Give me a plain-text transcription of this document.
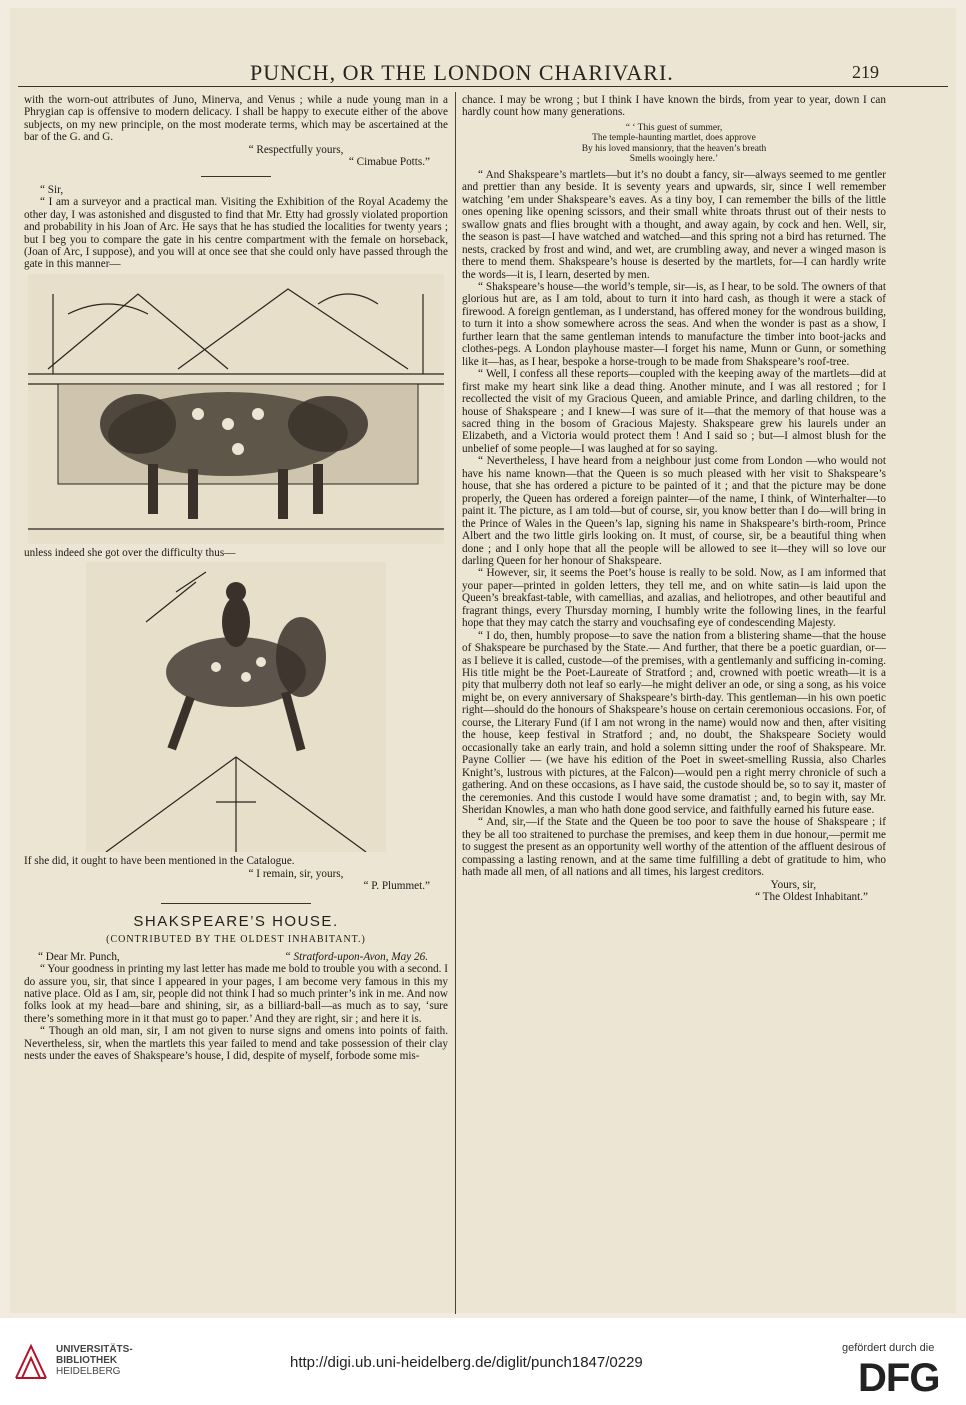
PUNCH, OR THE LONDON CHARIVARI.	219

with the worn-out attributes of Juno, Minerva, and Venus ; while a nude young man in a Phrygian cap is offensive to modern delicacy. I shall be happy to execute either of the above subjects, on my new principle, on the most moderate terms, which may be ascertained at the bar of the G. and G.

“ Respectfully yours,

“ Cimabue Potts.”

“ Sir,

“ I am a surveyor and a practical man. Visiting the Exhibition of the Royal Academy the other day, I was astonished and disgusted to find that Mr. Etty had grossly violated proportion and probability in his Joan of Arc. He says that he has studied the localities for twenty years ; but I beg you to compare the gate in his centre compartment with the female on horseback, (Joan of Arc, I suppose), and you will at once see that she could only have passed through the gate in this manner—

unless indeed she got over the difficulty thus—

If she did, it ought to have been mentioned in the Catalogue.

“ I remain, sir, yours,

“ P. Plummet.”

SHAKSPEARE’S HOUSE.
(CONTRIBUTED BY THE OLDEST INHABITANT.)
“ Dear Mr. Punch,	“ Stratford-upon-Avon, May 26.

“ Your goodness in printing my last letter has made me bold to trouble you with a second. I do assure you, sir, that since I appeared in your pages, I am become very famous in this my native place. Old as I am, sir, people did not think I had so much printer’s ink in me. And now folks look at my head—bare and shining, sir, as a billiard-ball—as much as to say, ‘sure there’s something more in it that must go to paper.’ And they are right, sir ; and here it is.

“ Though an old man, sir, I am not given to nurse signs and omens into points of faith. Nevertheless, sir, when the martlets this year failed to mend and take possession of their clay nests under the eaves of Shakspeare’s house, I did, despite of myself, forbode some mis-

chance. I may be wrong ; but I think I have known the birds, from year to year, down I can hardly count how many generations.

“ ‘ This guest of summer,
The temple-haunting martlet, does approve
By his loved mansionry, that the heaven’s breath
Smells wooingly here.’

“ And Shakspeare’s martlets—but it’s no doubt a fancy, sir—always seemed to me gentler and prettier than any beside. It is seventy years and upwards, sir, since I well remember watching ’em under Shakspeare’s eaves. As a tiny boy, I can remember the bills of the little ones opening like opening scissors, and their small white throats thrust out of their nests to swallow gnats and flies brought with a thought, and away again, by cock and hen. Well, sir, the season is past—I have watched and watched—and this spring not a bird has returned. The nests, cracked by frost and wind, and wet, are crumbling away, and never a winged mason is there to mend them. Shakspeare’s house is deserted by the martlets, for—I can hardly write the words—it is, I learn, deserted by men.

“ Shakspeare’s house—the world’s temple, sir—is, as I hear, to be sold. The owners of that glorious hut are, as I am told, about to turn it into hard cash, as though it were a stack of firewood. A foreign gentleman, as I understand, has offered money for the wondrous building, to turn it into a show somewhere across the seas. And when the wonder is past as a show, I further learn that the same gentleman intends to manufacture the timber into boot-jacks and clothes-pegs. A London playhouse master—I forget his name, Munn or Gunn, or something like it—has, as I hear, bespoke a horse-trough to be made from Shakspeare’s roof-tree.

“ Well, I confess all these reports—coupled with the keeping away of the martlets—did at first make my heart sink like a dead thing. Another minute, and I was all restored ; for I recollected the visit of my Gracious Queen, and amiable Prince, and darling children, to the house of Shakspeare ; and I knew—I was sure of it—that the memory of that house was a sacred thing in the bosom of Gracious Majesty. Shakspeare grew his laurels under an Elizabeth, and a Victoria would protect them ! And I said so ; but—I almost blush for the unbelief of some people—I was laughed at for so saying.

“ Nevertheless, I have heard from a neighbour just come from London —who would not have his name known—that the Queen is so much pleased with her visit to Shakspeare’s house, that she has ordered a picture to be painted of it ; and that the picture may be done properly, the Queen has ordered a foreign painter—of the name, I think, of Winterhalter—to paint it. The picture, as I am told—but of course, sir, you know better than I do—will bring in the Prince of Wales in the Queen’s lap, signing his name in Shakspeare’s birth-room, Prince Albert and the two little girls looking on. It must, of course, sir, be a beautiful thing when done ; and I only hope that all the people will be allowed to see it—they will so love our darling Queen for her honour of Shakspeare.

“ However, sir, it seems the Poet’s house is really to be sold. Now, as I am informed that your paper—printed in golden letters, they tell me, and on white satin—is laid upon the Queen’s breakfast-table, with camellias, and azalias, and heliotropes, and other beautiful and fragrant things, every Thursday morning, I humbly write the following lines, in the fearful hope that they may catch the starry and vouchsafing eye of condescending Majesty.

“ I do, then, humbly propose—to save the nation from a blistering shame—that the house of Shakspeare be purchased by the State.— And further, that there be a poetic guardian, or—as I believe it is called, custode—of the premises, with a gentlemanly and sufficing in-coming. His title might be the Poet-Laureate of Stratford ; and, crowned with poetic wreath—it is a pity that mulberry doth not leaf so early—he might deliver an ode, or sing a song, as his voice might be, on every anniversary of Shakspeare’s birth-day. This gentleman—in his own poetic right—should do the honours of Shakspeare’s house on certain ceremonious occasions. For, of course, the Literary Fund (if I am not wrong in the name) would now and then, after visiting the house, keep festival in Stratford ; and, no doubt, the Shakspeare Society would occasionally take an early train, and hold a solemn sitting under the roof of Shakspeare. Mr. Payne Collier — (we have his edition of the Poet in sweet-smelling Russia, also Charles Knight’s, lustrous with pictures, at the Falcon)—would pen a right merry chronicle of such a gathering. And on these occasions, as I have said, the custode should be, so to say it, master of the ceremonies. And this custode I would have some dramatist ; and, to begin with, say Mr. Sheridan Knowles, a man who hath done good service, and faithfully earned his future ease.

“ And, sir,—if the State and the Queen be too poor to save the house of Shakspeare ; if they be all too straitened to purchase the premises, and keep them in due honour,—permit me to suggest the present as an opportunity well worthy of the attention of the affluent desirous of compassing a lasting renown, and at the same time fulfilling a debt of gratitude to him, who hath made all men, of all nations and all times, his largest creditors.

Yours, sir,

“ The Oldest Inhabitant.”

UNIVERSITÄTS-
BIBLIOTHEK
HEIDELBERG
http://digi.ub.uni-heidelberg.de/diglit/punch1847/0229
gefördert durch die
DFG
